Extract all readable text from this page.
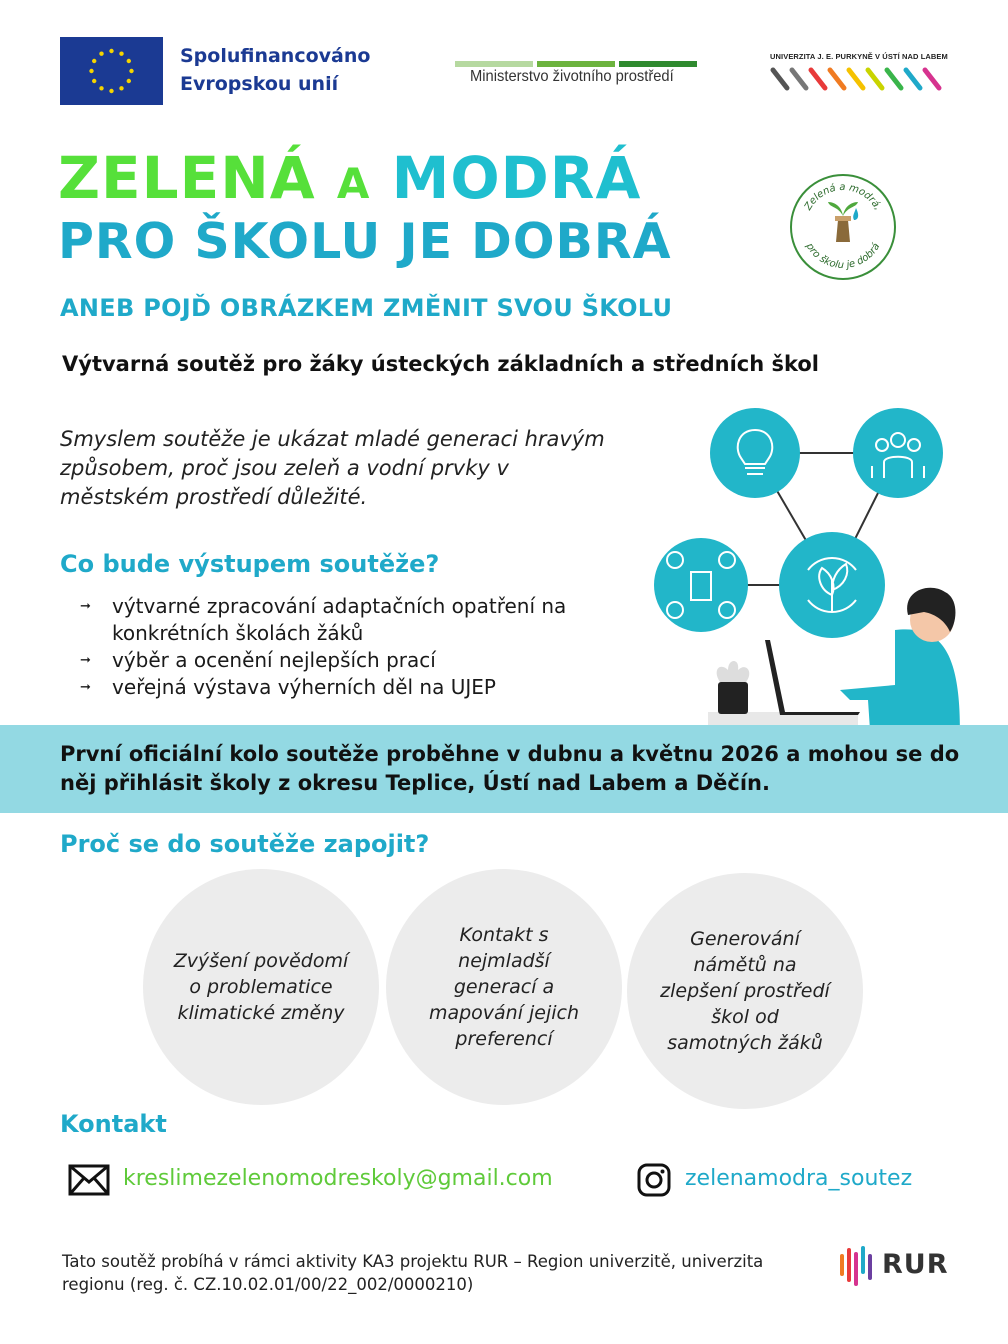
Spolufinancováno
Evropskou unií	Ministerstvo životního prostředí
UNIVERZITA J. E. PURKYNĚ V ÚSTÍ NAD LABEM
ZELENÁ A MODRÁ
PRO ŠKOLU JE DOBRÁ
ANEB POJĎ OBRÁZKEM ZMĚNIT SVOU ŠKOLU
Výtvarná soutěž pro žáky ústeckých základních a středních škol
Zelená a modrá,
pro školu je dobrá
Smyslem soutěže je ukázat mladé generaci hravým způsobem, proč jsou zeleň a vodní prvky v městském prostředí důležité.
Co bude výstupem soutěže?
➞ výtvarné zpracování adaptačních opatření na konkrétních školách žáků
➞ výběr a ocenění nejlepších prací
➞ veřejná výstava výherních děl na UJEP
První oficiální kolo soutěže proběhne v dubnu a květnu 2026 a mohou se do něj přihlásit školy z okresu Teplice, Ústí nad Labem a Děčín.
Proč se do soutěže zapojit?
Zvýšení povědomí o problematice klimatické změny
Kontakt s nejmladší generací a mapování jejich preferencí
Generování námětů na zlepšení prostředí škol od samotných žáků
Kontakt
kreslimezelenomodreskoly@gmail.com	zelenamodra_soutez
Tato soutěž probíhá v rámci aktivity KA3 projektu RUR – Region univerzitě, univerzita regionu (reg. č. CZ.10.02.01/00/22_002/0000210)
RUR
